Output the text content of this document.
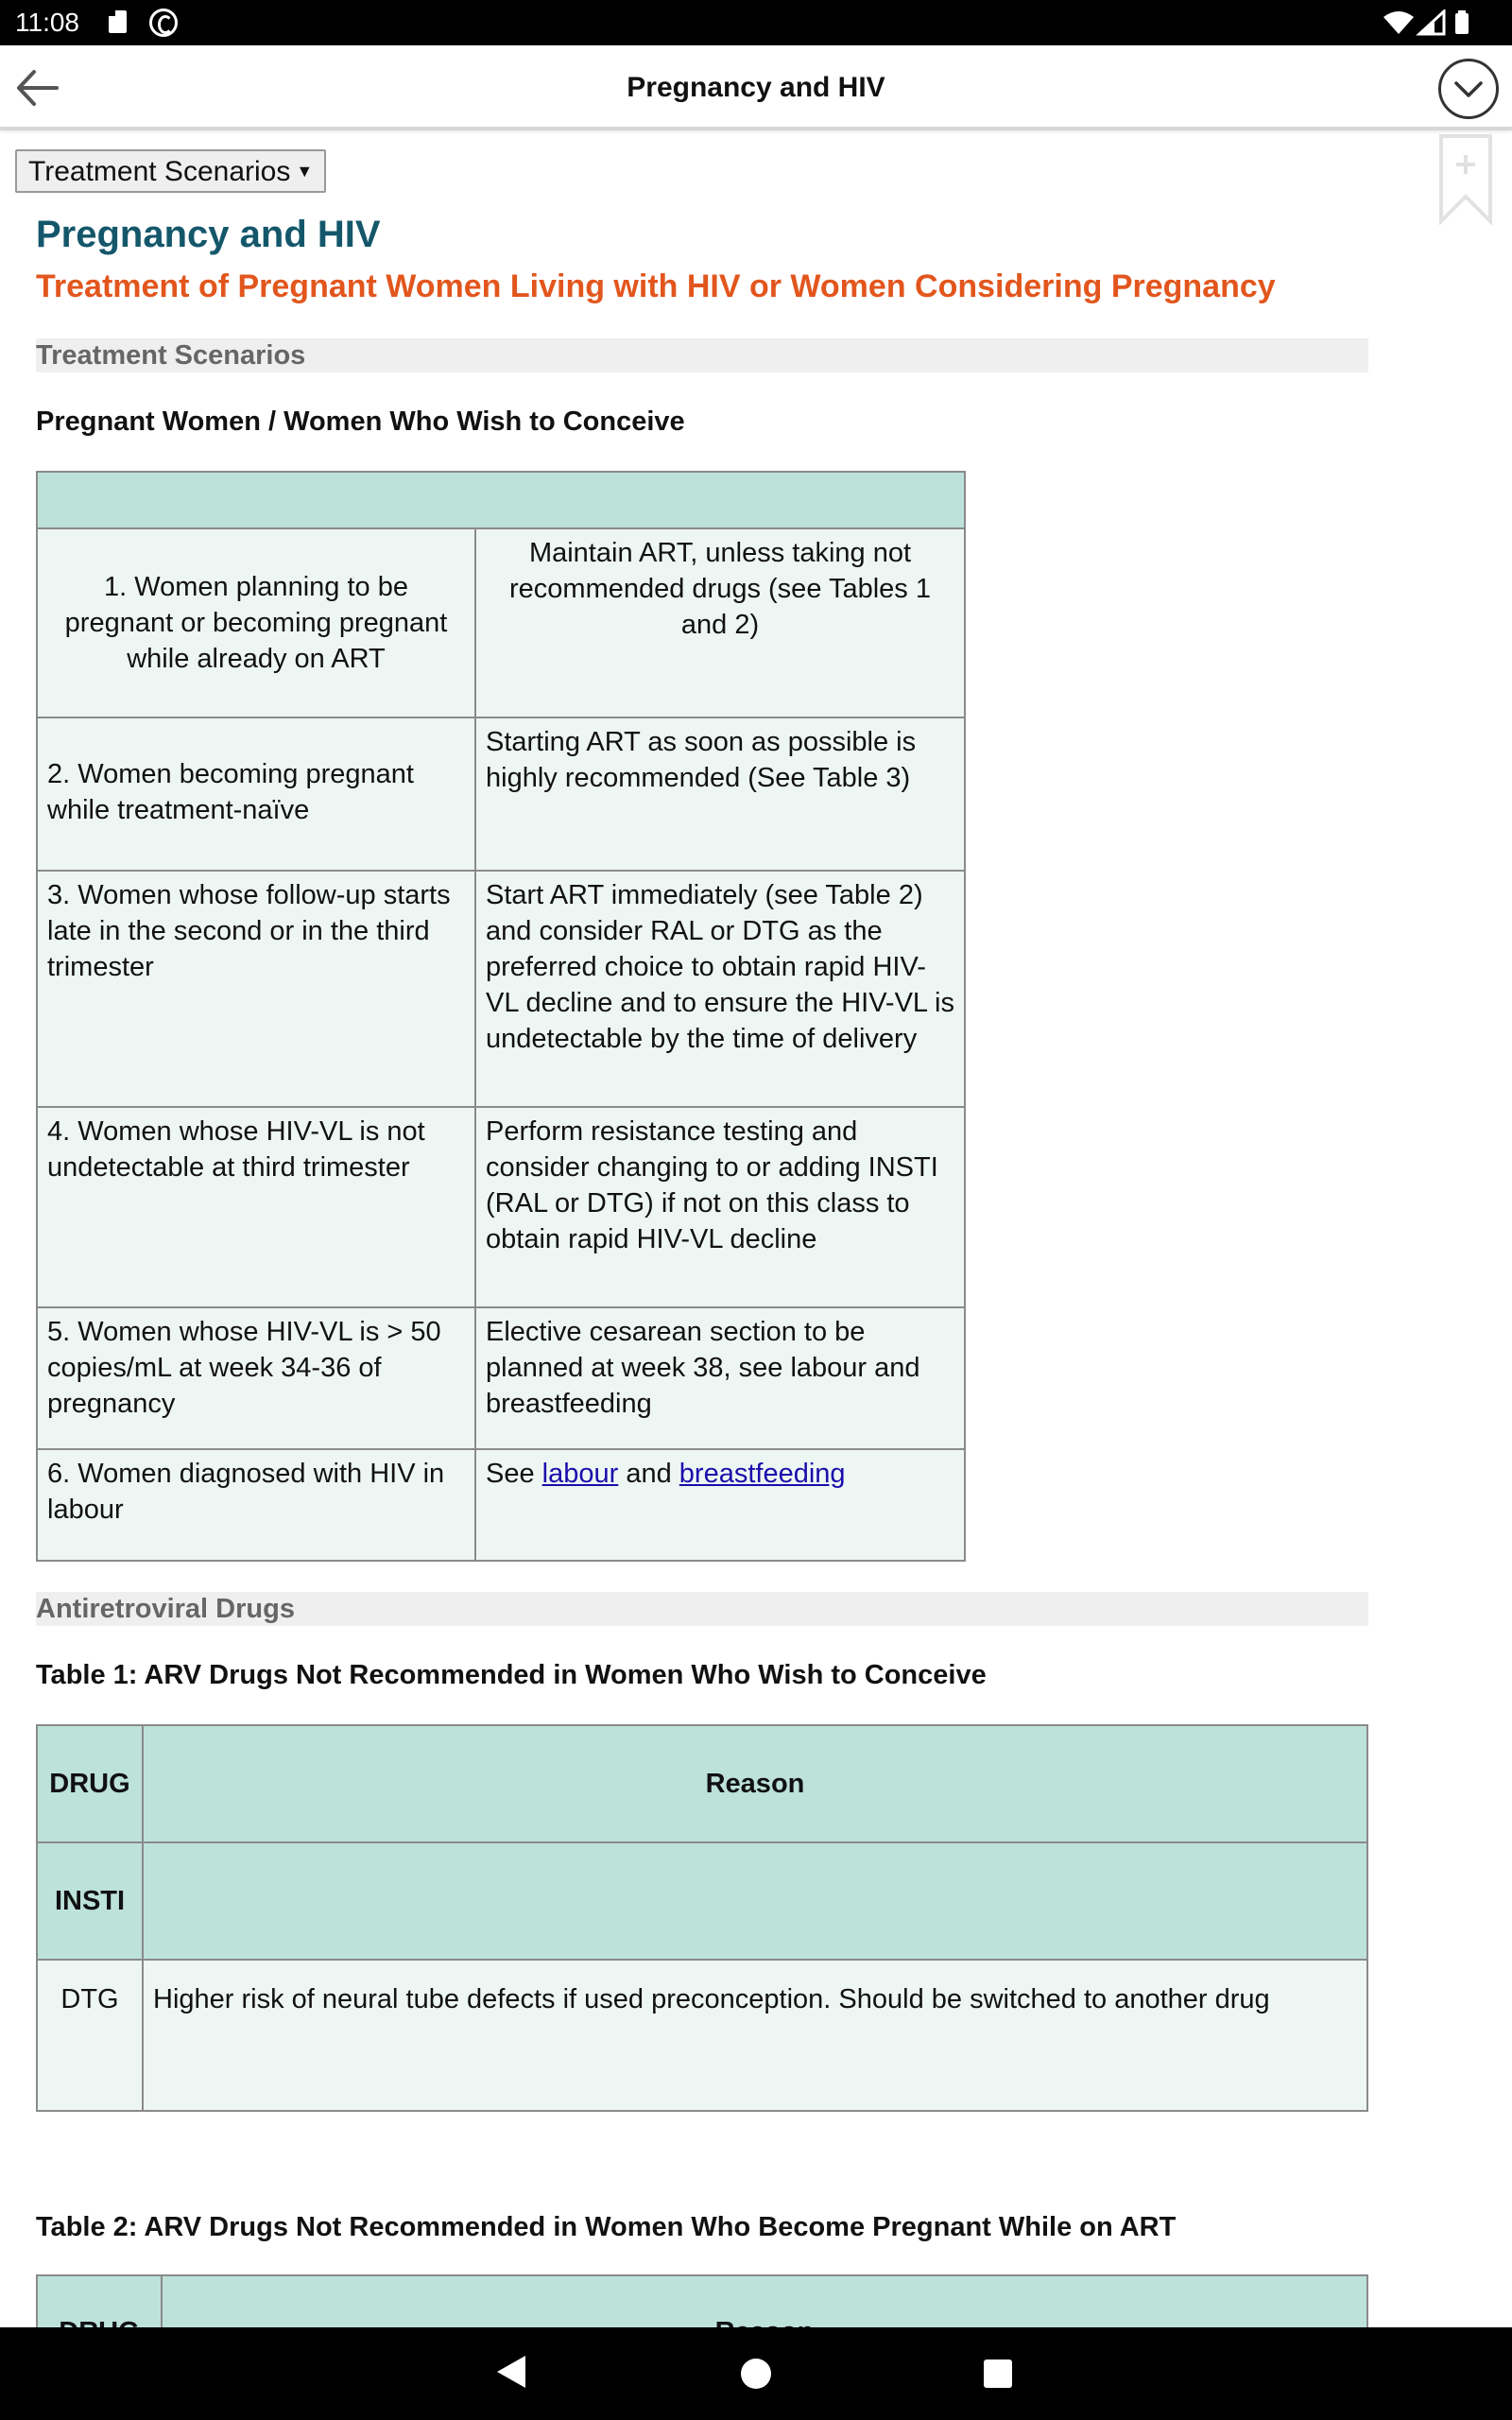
11:08
Pregnancy and HIV
Treatment Scenarios ▼
Pregnancy and HIV
Treatment of Pregnant Women Living with HIV or Women Considering Pregnancy
Treatment Scenarios
Pregnant Women / Women Who Wish to Conceive

1. Women planning to be pregnant or becoming pregnant while already on ART	Maintain ART, unless taking not recommended drugs (see Tables 1 and 2)
2. Women becoming pregnant while treatment-naïve	Starting ART as soon as possible is highly recommended (See Table 3)
3. Women whose follow-up starts late in the second or in the third trimester	Start ART immediately (see Table 2) and consider RAL or DTG as the preferred choice to obtain rapid HIV-VL decline and to ensure the HIV-VL is undetectable by the time of delivery
4. Women whose HIV-VL is not undetectable at third trimester	Perform resistance testing and consider changing to or adding INSTI (RAL or DTG) if not on this class to obtain rapid HIV-VL decline
5. Women whose HIV-VL is > 50 copies/mL at week 34-36 of pregnancy	Elective cesarean section to be planned at week 38, see labour and breastfeeding
6. Women diagnosed with HIV in labour	See labour and breastfeeding
Antiretroviral Drugs
Table 1: ARV Drugs Not Recommended in Women Who Wish to Conceive
DRUG	Reason
INSTI	
DTG	Higher risk of neural tube defects if used preconception. Should be switched to another drug
Table 2: ARV Drugs Not Recommended in Women Who Become Pregnant While on ART
